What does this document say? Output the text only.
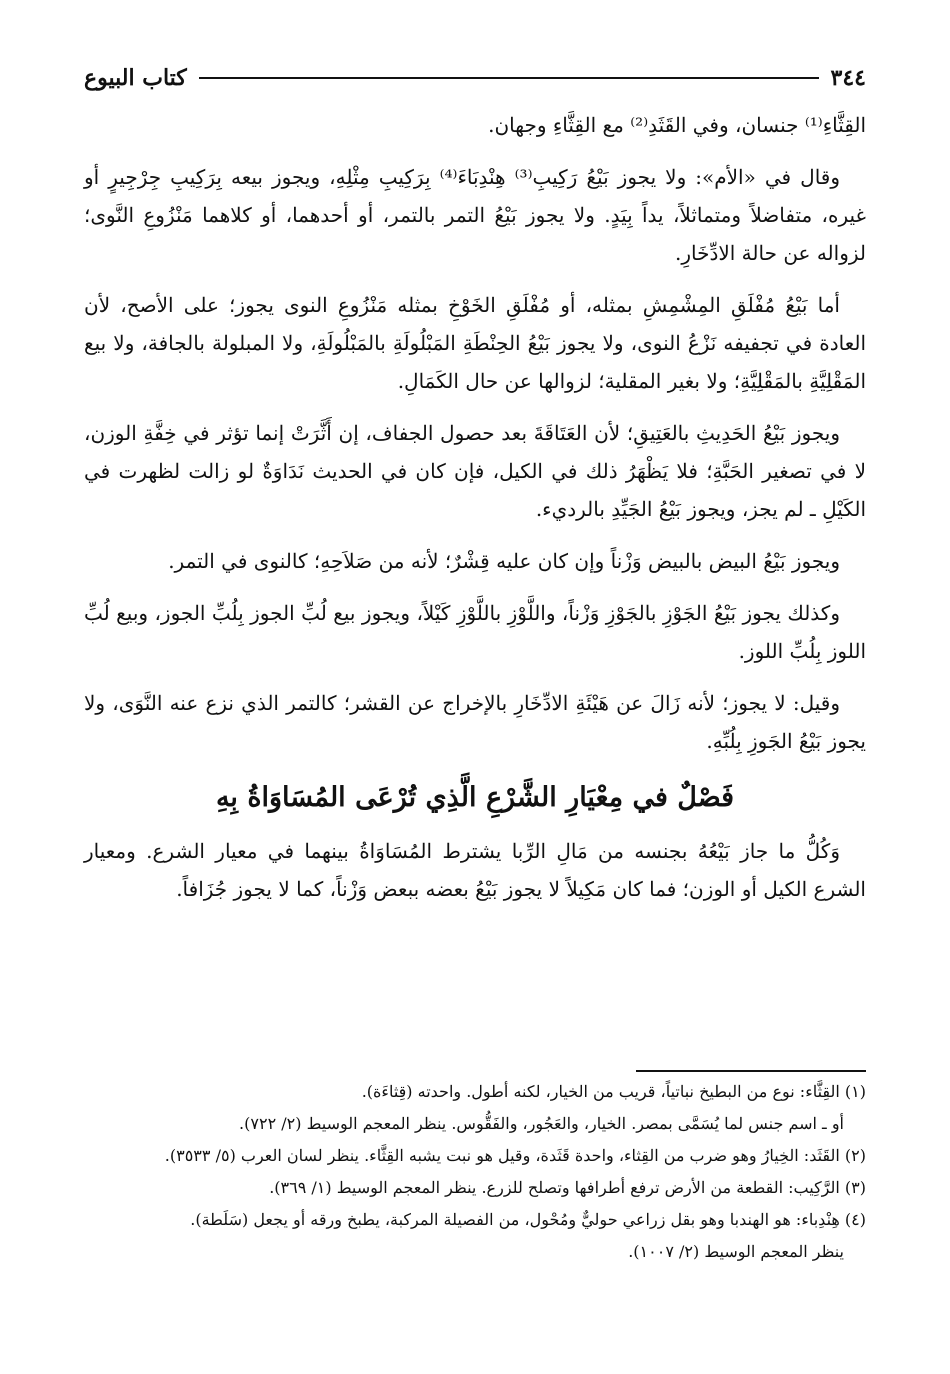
٣٤٤
كتاب البيوع

القِثَّاءِ⁽¹⁾ جنسان، وفي القَثَدِ⁽²⁾ مع القِثَّاءِ وجهان.

وقال في «الأم»: ولا يجوز بَيْعُ رَكِيبِ⁽³⁾ هِنْدِبَاءَ⁽⁴⁾ بِرَكِيبِ مِثْلِهِ، ويجوز بيعه بِرَكِيبِ جِرْجِيرٍ أو غيره، متفاضلاً ومتماثلاً، يداً بِيَدٍ. ولا يجوز بَيْعُ التمر بالتمر، أو أحدهما، أو كلاهما مَنْزُوعِ النَّوى؛ لزواله عن حالة الادِّخَارِ.

أما بَيْعُ مُفْلَقِ المِشْمِشِ بمثله، أو مُفْلَقِ الخَوْخِ بمثله مَنْزُوعِ النوى يجوز؛ على الأصح، لأن العادة في تجفيفه نَزْعُ النوى، ولا يجوز بَيْعُ الحِنْطَةِ المَبْلُولَةِ بالمَبْلُولَةِ، ولا المبلولة بالجافة، ولا بيع المَقْلِيَّةِ بالمَقْلِيَّةِ؛ ولا بغير المقلية؛ لزوالها عن حال الكَمَالِ.

ويجوز بَيْعُ الحَدِيثِ بالعَتِيقِ؛ لأن العَتَاقَةَ بعد حصول الجفاف، إن أَثَّرَتْ إنما تؤثر في خِفَّةِ الوزن، لا في تصغير الحَبَّةِ؛ فلا يَظْهَرُ ذلك في الكيل، فإن كان في الحديث نَدَاوَةٌ لو زالت لظهرت في الكَيْلِ ـ لم يجز، ويجوز بَيْعُ الجَيِّدِ بالرديء.

ويجوز بَيْعُ البيض بالبيض وَزْناً وإن كان عليه قِشْرٌ؛ لأنه من صَلاَحِهِ؛ كالنوى في التمر.

وكذلك يجوز بَيْعُ الجَوْزِ بالجَوْزِ وَزْناً، واللَّوْزِ باللَّوْزِ كَيْلاً، ويجوز بيع لُبِّ الجوز بِلُبِّ الجوز، وبيع لُبِّ اللوز بِلُبِّ اللوز.

وقيل: لا يجوز؛ لأنه زَالَ عن هَيْئَةِ الادِّخَارِ بالإخراج عن القشر؛ كالتمر الذي نزع عنه النَّوَى، ولا يجوز بَيْعُ الجَوزِ بِلُبِّهِ.

فَصْلٌ في مِعْيَارِ الشَّرْعِ الَّذِي تُرْعَى المُسَاوَاةُ بِهِ

وَكُلُّ ما جاز بَيْعُهُ بجنسه من مَالِ الرِّبا يشترط المُسَاوَاةُ بينهما في معيار الشرع. ومعيار الشرع الكيل أو الوزن؛ فما كان مَكِيلاً لا يجوز بَيْعُ بعضه ببعض وَزْناً، كما لا يجوز جُزَافاً.

(١) القِثَّاء: نوع من البطيخ نباتياً، قريب من الخيار، لكنه أطول. واحدته (قِثاءَة).

أو ـ اسم جنس لما يُسَمَّى بمصر. الخيار، والعَجُور، والفَقُّوس. ينظر المعجم الوسيط (٢/ ٧٢٢).

(٢) القَثَد: الخِيارُ وهو ضرب من القِثاء، واحدة قَثَدة، وقيل هو نبت يشبه القِثَّاء. ينظر لسان العرب (٥/ ٣٥٣٣).

(٣) الرَّكِيب: القطعة من الأرض ترفع أطرافها وتصلح للزرع. ينظر المعجم الوسيط (١/ ٣٦٩).

(٤) هِنْدِباء: هو الهندبا وهو بقل زراعي حوليٌّ ومُحْول، من الفصيلة المركبة، يطبخ ورقه أو يجعل (سَلَطة).

ينظر المعجم الوسيط (٢/ ١٠٠٧).
